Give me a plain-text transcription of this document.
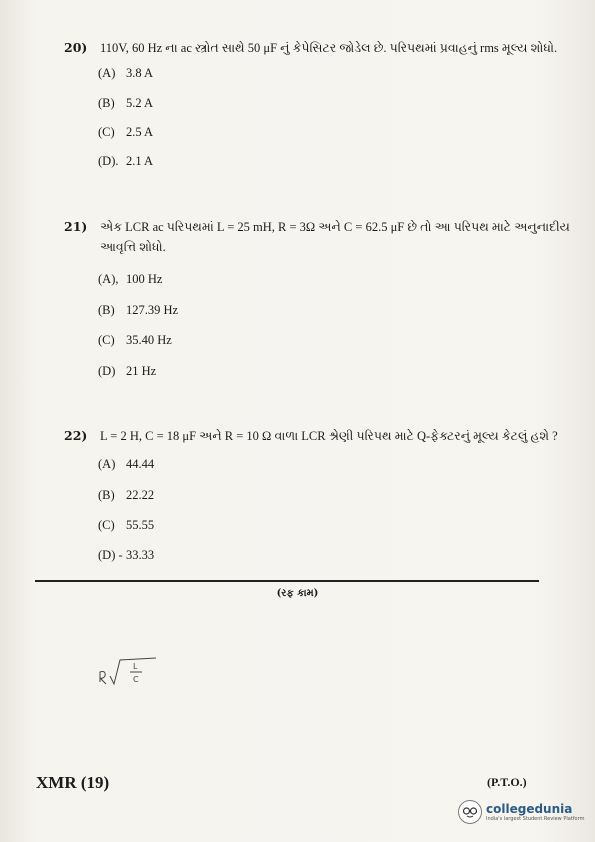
20) 110V, 60 Hz ના ac સ્ત્રોત સાથે 50 μF નું કેપેસિટર જોડેલ છે. પરિપથમાં પ્રવાહનું rms મૂલ્ય શોધો.
(A) 3.8 A
(B) 5.2 A
(C) 2.5 A
(D). 2.1 A
21) એક LCR ac પરિપથમાં L = 25 mH, R = 3Ω અને C = 62.5 μF છે તો આ પરિપથ માટે અનુનાદીય આવૃત્તિ શોધો.
(A), 100 Hz
(B) 127.39 Hz
(C) 35.40 Hz
(D) 21 Hz
22) L = 2 H, C = 18 μF અને R = 10 Ω વાળા LCR શ્રેણી પરિપથ માટે Q-ફેક્ટરનું મૂલ્ય કેટલું હશે ?
(A) 44.44
(B) 22.22
(C) 55.55
(D) - 33.33
(રફ કામ)
L
C
XMR (19)	(P.T.O.)
collegedunia
India's largest Student Review Platform
